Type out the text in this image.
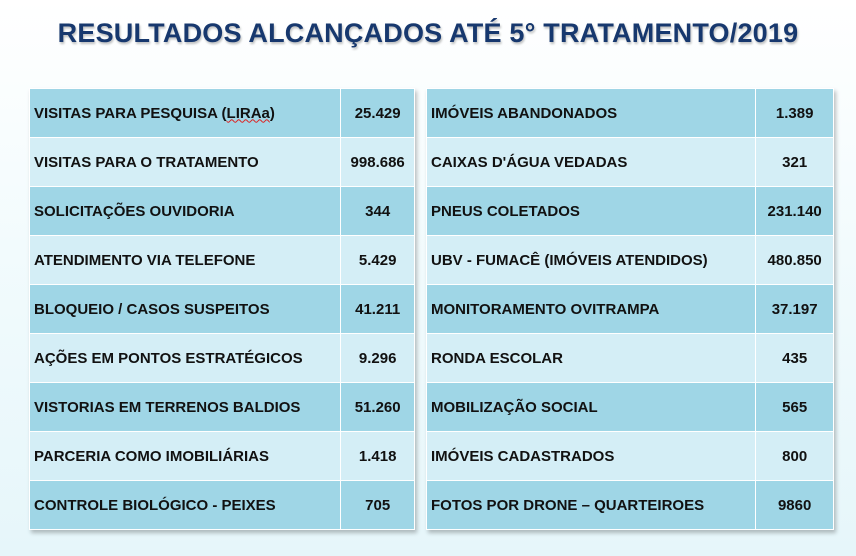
RESULTADOS ALCANÇADOS ATÉ 5° TRATAMENTO/2019
VISITAS PARA PESQUISA (LIRAa)	25.429
VISITAS PARA O TRATAMENTO	998.686
SOLICITAÇÕES OUVIDORIA	344
ATENDIMENTO VIA TELEFONE	5.429
BLOQUEIO / CASOS SUSPEITOS	41.211
AÇÕES EM PONTOS ESTRATÉGICOS	9.296
VISTORIAS EM TERRENOS BALDIOS	51.260
PARCERIA COMO IMOBILIÁRIAS	1.418
CONTROLE BIOLÓGICO - PEIXES	705
IMÓVEIS ABANDONADOS	1.389
CAIXAS D'ÁGUA VEDADAS	321
PNEUS COLETADOS	231.140
UBV - FUMACÊ (IMÓVEIS ATENDIDOS)	480.850
MONITORAMENTO OVITRAMPA	37.197
RONDA ESCOLAR	435
MOBILIZAÇÃO SOCIAL	565
IMÓVEIS CADASTRADOS	800
FOTOS POR DRONE – QUARTEIROES	9860
